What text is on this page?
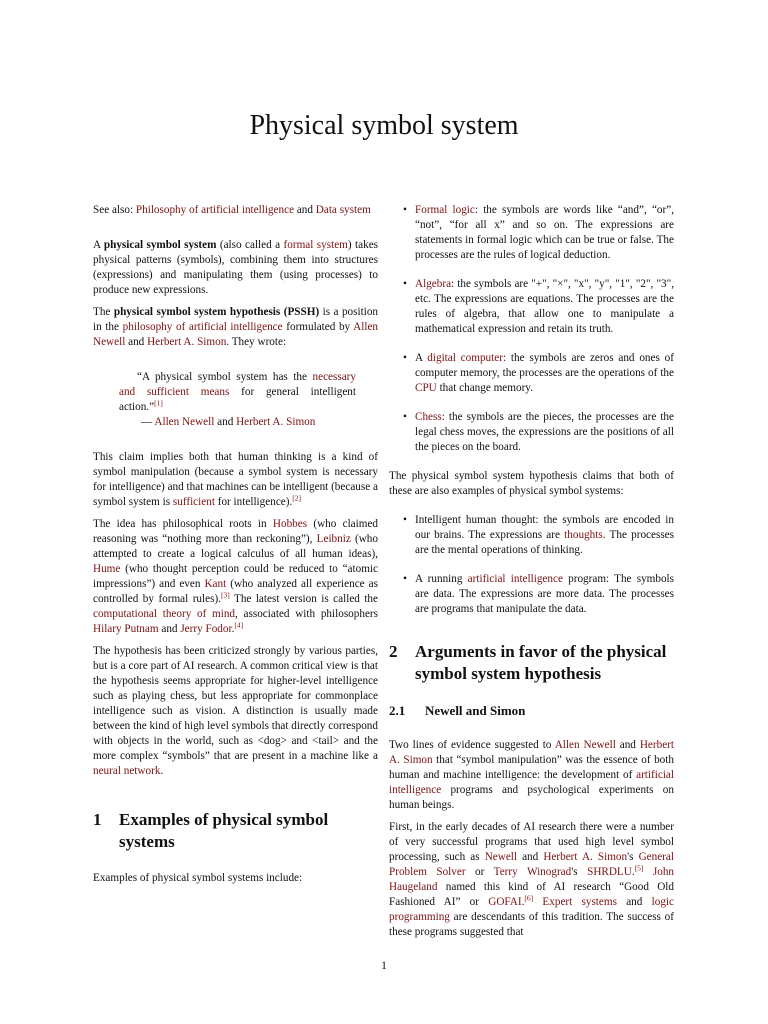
Physical symbol system

See also: Philosophy of artificial intelligence and Data system

A physical symbol system (also called a formal system) takes physical patterns (symbols), combining them into structures (expressions) and manipulating them (using processes) to produce new expressions.

The physical symbol system hypothesis (PSSH) is a position in the philosophy of artificial intelligence formulated by Allen Newell and Herbert A. Simon. They wrote:

“A physical symbol system has the necessary and sufficient means for general intelligent action.”[1]

— Allen Newell and Herbert A. Simon

This claim implies both that human thinking is a kind of symbol manipulation (because a symbol system is necessary for intelligence) and that machines can be intelligent (because a symbol system is sufficient for intelligence).[2]

The idea has philosophical roots in Hobbes (who claimed reasoning was “nothing more than reckoning”), Leibniz (who attempted to create a logical calculus of all human ideas), Hume (who thought perception could be reduced to “atomic impressions”) and even Kant (who analyzed all experience as controlled by formal rules).[3] The latest version is called the computational theory of mind, associated with philosophers Hilary Putnam and Jerry Fodor.[4]

The hypothesis has been criticized strongly by various parties, but is a core part of AI research. A common critical view is that the hypothesis seems appropriate for higher-level intelligence such as playing chess, but less appropriate for commonplace intelligence such as vision. A distinction is usually made between the kind of high level symbols that directly correspond with objects in the world, such as <dog> and <tail> and the more complex “symbols” that are present in a machine like a neural network.

1	Examples of physical symbol systems

Examples of physical symbol systems include:

• Formal logic: the symbols are words like “and”, “or”, “not”, “for all x” and so on. The expressions are statements in formal logic which can be true or false. The processes are the rules of logical deduction.
• Algebra: the symbols are "+", "×", "x", "y", "1", "2", "3", etc. The expressions are equations. The processes are the rules of algebra, that allow one to manipulate a mathematical expression and retain its truth.
• A digital computer: the symbols are zeros and ones of computer memory, the processes are the operations of the CPU that change memory.
• Chess: the symbols are the pieces, the processes are the legal chess moves, the expressions are the positions of all the pieces on the board.

The physical symbol system hypothesis claims that both of these are also examples of physical symbol systems:

• Intelligent human thought: the symbols are encoded in our brains. The expressions are thoughts. The processes are the mental operations of thinking.
• A running artificial intelligence program: The symbols are data. The expressions are more data. The processes are programs that manipulate the data.
2	Arguments in favor of the physical symbol system hypothesis
2.1	Newell and Simon

Two lines of evidence suggested to Allen Newell and Herbert A. Simon that “symbol manipulation” was the essence of both human and machine intelligence: the development of artificial intelligence programs and psychological experiments on human beings.

First, in the early decades of AI research there were a number of very successful programs that used high level symbol processing, such as Newell and Herbert A. Simon's General Problem Solver or Terry Winograd's SHRDLU.[5] John Haugeland named this kind of AI research “Good Old Fashioned AI” or GOFAI.[6] Expert systems and logic programming are descendants of this tradition. The success of these programs suggested that

1
